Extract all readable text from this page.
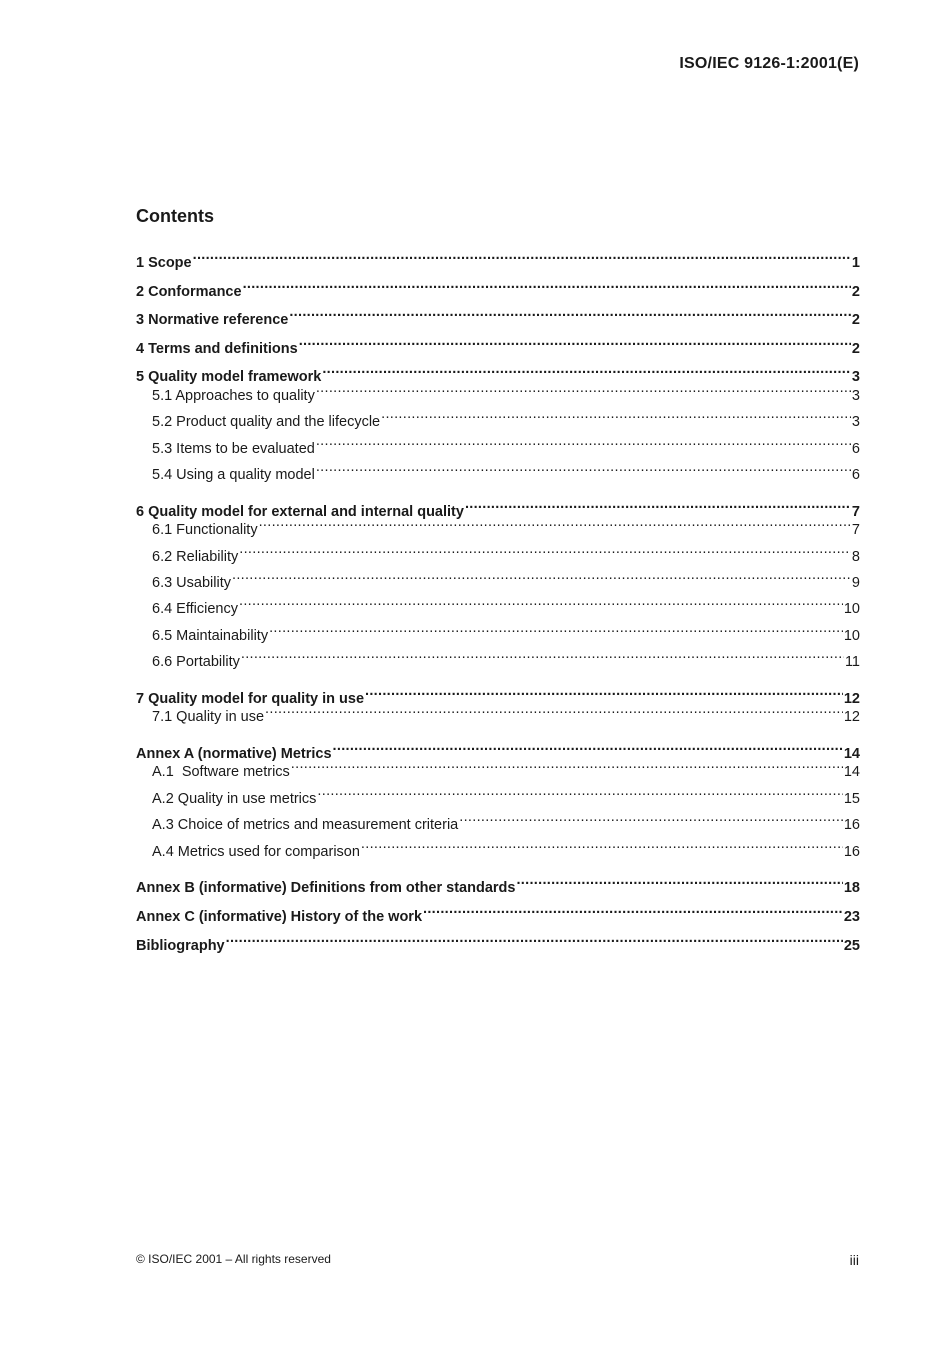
ISO/IEC 9126-1:2001(E)
Contents
1 Scope .....	1
2 Conformance .....	2
3 Normative reference .....	2
4 Terms and definitions .....	2
5 Quality model framework .....	3
5.1 Approaches to quality .....	3
5.2 Product quality and the lifecycle .....	3
5.3 Items to be evaluated .....	6
5.4 Using a quality model .....	6
6 Quality model for external and internal quality .....	7
6.1 Functionality .....	7
6.2 Reliability .....	8
6.3 Usability .....	9
6.4 Efficiency .....	10
6.5 Maintainability .....	10
6.6 Portability .....	11
7 Quality model for quality in use .....	12
7.1 Quality in use .....	12
Annex A (normative) Metrics .....	14
A.1  Software metrics .....	14
A.2 Quality in use metrics .....	15
A.3 Choice of metrics and measurement criteria .....	16
A.4 Metrics used for comparison .....	16
Annex B (informative) Definitions from other standards .....	18
Annex C (informative) History of the work .....	23
Bibliography .....	25
© ISO/IEC 2001 – All rights reserved	iii
